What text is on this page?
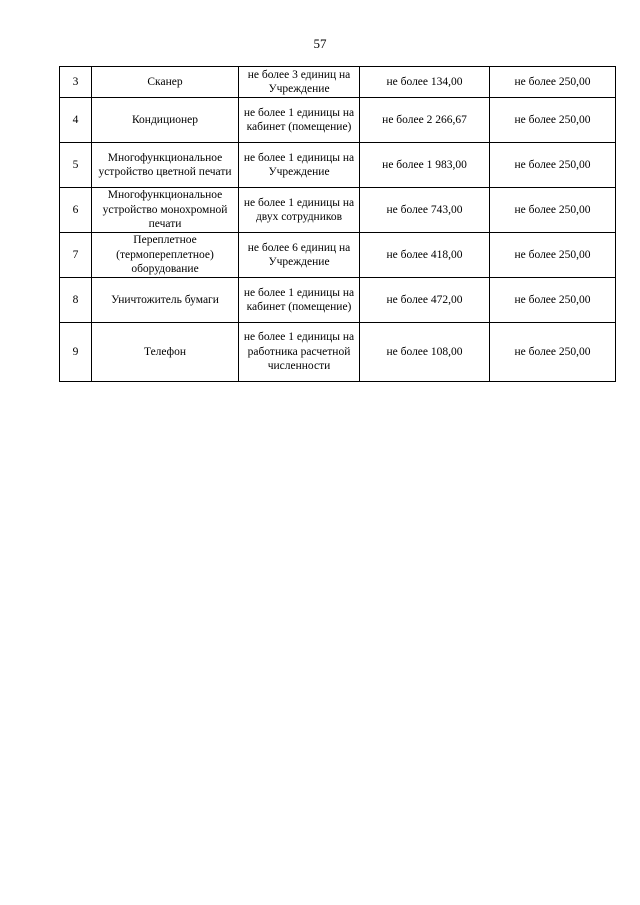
57
3	Сканер	не более 3 единиц на Учреждение	не более 134,00	не более 250,00
4	Кондиционер	не более 1 единицы на кабинет (помещение)	не более 2 266,67	не более 250,00
5	Многофункциональное устройство цветной печати	не более 1 единицы на Учреждение	не более 1 983,00	не более 250,00
6	Многофункциональное устройство монохромной печати	не более 1 единицы на двух сотрудников	не более 743,00	не более 250,00
7	Переплетное (термопереплетное) оборудование	не более 6 единиц на Учреждение	не более 418,00	не более 250,00
8	Уничтожитель бумаги	не более 1 единицы на кабинет (помещение)	не более 472,00	не более 250,00
9	Телефон	не более 1 единицы на работника расчетной численности	не более 108,00	не более 250,00
